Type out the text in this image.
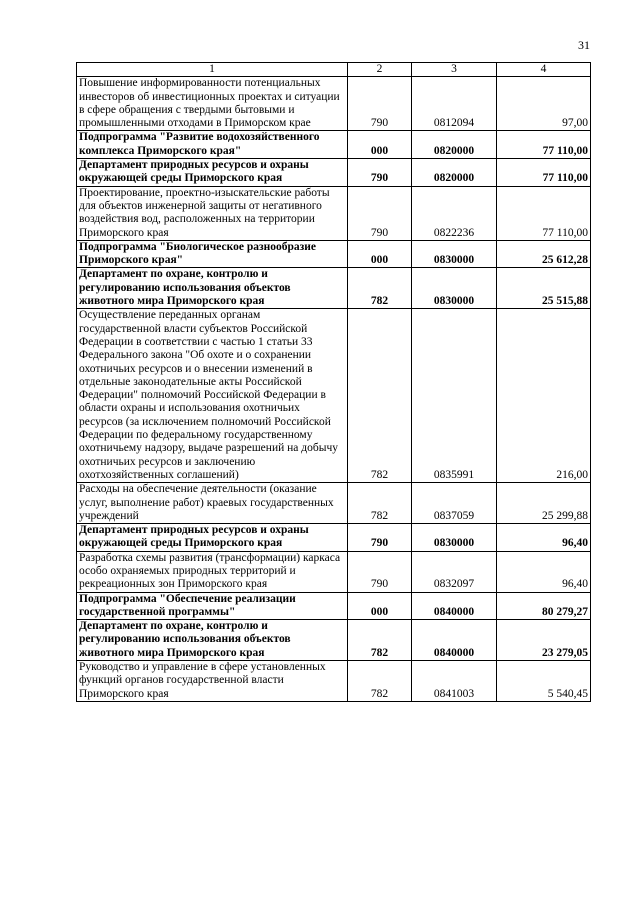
31
1	2	3	4
Повышение информированности потенциальных инвесторов об инвестиционных проектах и ситуации в сфере обращения с твердыми бытовыми и промышленными отходами в Приморском крае	790	0812094	97,00
Подпрограмма "Развитие водохозяйственного комплекса Приморского края"	000	0820000	77 110,00
Департамент природных ресурсов и охраны окружающей среды Приморского края	790	0820000	77 110,00
Проектирование, проектно-изыскательские работы для объектов инженерной защиты от негативного воздействия вод, расположенных на территории Приморского края	790	0822236	77 110,00
Подпрограмма "Биологическое разнообразие Приморского края"	000	0830000	25 612,28
Департамент по охране, контролю и регулированию использования объектов животного мира Приморского края	782	0830000	25 515,88
Осуществление переданных органам государственной власти субъектов Российской Федерации в соответствии с частью 1 статьи 33 Федерального закона "Об охоте и о сохранении охотничьих ресурсов и о внесении изменений в отдельные законодательные акты Российской Федерации" полномочий Российской Федерации в области охраны и использования охотничьих ресурсов (за исключением полномочий Российской Федерации по федеральному государственному охотничьему надзору, выдаче разрешений на добычу охотничьих ресурсов и заключению охотхозяйственных соглашений)	782	0835991	216,00
Расходы на обеспечение деятельности (оказание услуг, выполнение работ) краевых государственных учреждений	782	0837059	25 299,88
Департамент природных ресурсов и охраны окружающей среды Приморского края	790	0830000	96,40
Разработка схемы развития (трансформации) каркаса особо охраняемых природных территорий и рекреационных зон Приморского края	790	0832097	96,40
Подпрограмма "Обеспечение реализации государственной программы"	000	0840000	80 279,27
Департамент по охране, контролю и регулированию использования объектов животного мира Приморского края	782	0840000	23 279,05
Руководство и управление в сфере установленных функций органов государственной власти Приморского края	782	0841003	5 540,45
